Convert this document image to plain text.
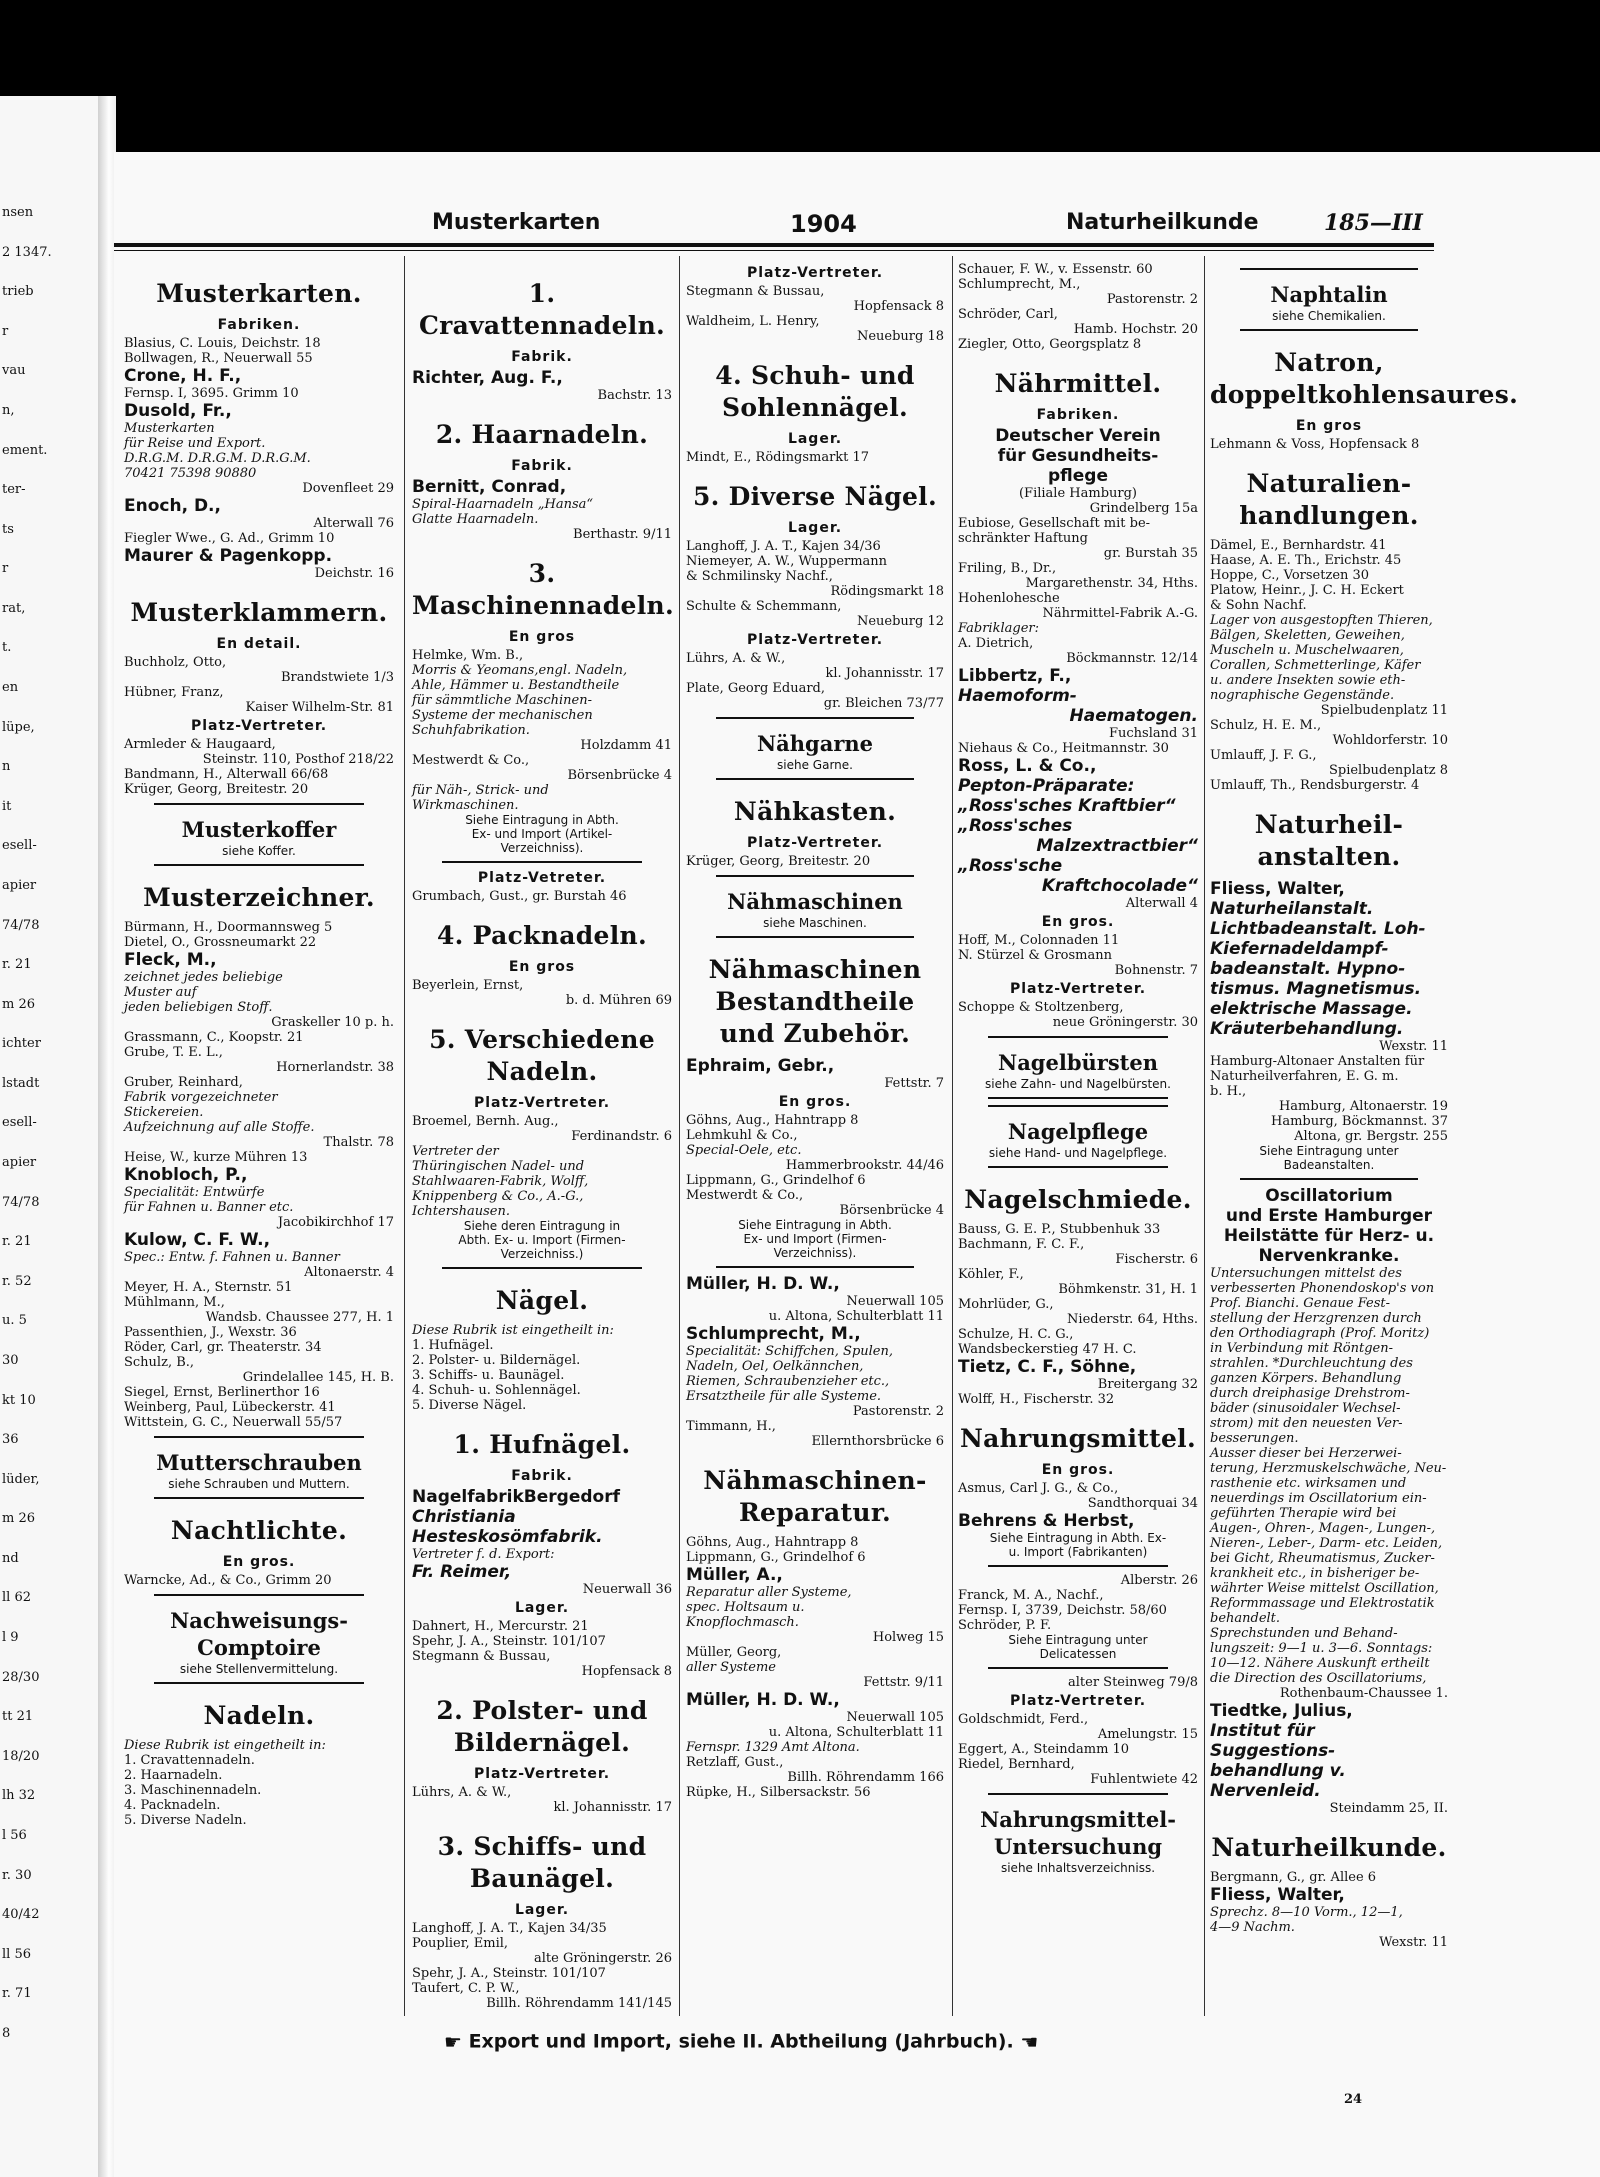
nsen
2 1347.
trieb
r
vau
n,
ement.
ter-
ts
r
rat,
t.
en
lüpe,
n
it
esell-
apier
74/78
r. 21
m 26
ichter
lstadt
esell-
apier
74/78
r. 21
r. 52
u. 5
30
kt 10
36
lüder,
m 26
nd
ll 62
l 9
28/30
tt 21
18/20
lh 32
l 56
r. 30
40/42
ll 56
r. 71
8
Musterkarten	1904	Naturheilkunde	185—III
Musterkarten.
Fabriken.
Blasius, C. Louis, Deichstr. 18
Bollwagen, R., Neuerwall 55
Crone, H. F.,
Fernsp. I, 3695. Grimm 10
Dusold, Fr.,
Musterkarten
für Reise und Export.
D.R.G.M. D.R.G.M. D.R.G.M.
70421 75398 90880
Dovenfleet 29
Enoch, D.,
Alterwall 76
Fiegler Wwe., G. Ad., Grimm 10
Maurer & Pagenkopp.
Deichstr. 16
Musterklammern.
En detail.
Buchholz, Otto,
Brandstwiete 1/3
Hübner, Franz,
Kaiser Wilhelm-Str. 81
Platz-Vertreter.
Armleder & Haugaard,
Steinstr. 110, Posthof 218/22
Bandmann, H., Alterwall 66/68
Krüger, Georg, Breitestr. 20
Musterkoffer
siehe Koffer.
Musterzeichner.
Bürmann, H., Doormannsweg 5
Dietel, O., Grossneumarkt 22
Fleck, M.,
zeichnet jedes beliebige
Muster auf
jeden beliebigen Stoff.
Graskeller 10 p. h.
Grassmann, C., Koopstr. 21
Grube, T. E. L.,
Hornerlandstr. 38
Gruber, Reinhard,
Fabrik vorgezeichneter
Stickereien.
Aufzeichnung auf alle Stoffe.
Thalstr. 78
Heise, W., kurze Mühren 13
Knobloch, P.,
Specialität: Entwürfe
für Fahnen u. Banner etc.
Jacobikirchhof 17
Kulow, C. F. W.,
Spec.: Entw. f. Fahnen u. Banner
Altonaerstr. 4
Meyer, H. A., Sternstr. 51
Mühlmann, M.,
Wandsb. Chaussee 277, H. 1
Passenthien, J., Wexstr. 36
Röder, Carl, gr. Theaterstr. 34
Schulz, B.,
Grindelallee 145, H. B.
Siegel, Ernst, Berlinerthor 16
Weinberg, Paul, Lübeckerstr. 41
Wittstein, G. C., Neuerwall 55/57
Mutterschrauben
siehe Schrauben und Muttern.
Nachtlichte.
En gros.
Warncke, Ad., & Co., Grimm 20
Nachweisungs-
Comptoire
siehe Stellenvermittelung.
Nadeln.
Diese Rubrik ist eingetheilt in:
1. Cravattennadeln.
2. Haarnadeln.
3. Maschinennadeln.
4. Packnadeln.
5. Diverse Nadeln.
1. Cravattennadeln.
Fabrik.
Richter, Aug. F.,
Bachstr. 13
2. Haarnadeln.
Fabrik.
Bernitt, Conrad,
Spiral-Haarnadeln „Hansa“
Glatte Haarnadeln.
Berthastr. 9/11
3. Maschinennadeln.
En gros
Helmke, Wm. B.,
Morris & Yeomans,engl. Nadeln,
Ahle, Hämmer u. Bestandtheile
für sämmtliche Maschinen-
Systeme der mechanischen
Schuhfabrikation.
Holzdamm 41
Mestwerdt & Co.,
Börsenbrücke 4
für Näh-, Strick- und
Wirkmaschinen.
Siehe Eintragung in Abth.
Ex- und Import (Artikel-
Verzeichniss).
Platz-Vetreter.
Grumbach, Gust., gr. Burstah 46
4. Packnadeln.
En gros
Beyerlein, Ernst,
b. d. Mühren 69
5. Verschiedene Nadeln.
Platz-Vertreter.
Broemel, Bernh. Aug.,
Ferdinandstr. 6
Vertreter der
Thüringischen Nadel- und
Stahlwaaren-Fabrik, Wolff,
Knippenberg & Co., A.-G.,
Ichtershausen.
Siehe deren Eintragung in
Abth. Ex- u. Import (Firmen-
Verzeichniss.)
Nägel.
Diese Rubrik ist eingetheilt in:
1. Hufnägel.
2. Polster- u. Bildernägel.
3. Schiffs- u. Baunägel.
4. Schuh- u. Sohlennägel.
5. Diverse Nägel.
1. Hufnägel.
Fabrik.
NagelfabrikBergedorf
Christiania
Hesteskosömfabrik.
Vertreter f. d. Export:
Fr. Reimer,
Neuerwall 36
Lager.
Dahnert, H., Mercurstr. 21
Spehr, J. A., Steinstr. 101/107
Stegmann & Bussau,
Hopfensack 8
2. Polster- und Bildernägel.
Platz-Vertreter.
Lührs, A. & W.,
kl. Johannisstr. 17
3. Schiffs- und Baunägel.
Lager.
Langhoff, J. A. T., Kajen 34/35
Pouplier, Emil,
alte Gröningerstr. 26
Spehr, J. A., Steinstr. 101/107
Taufert, C. P. W.,
Billh. Röhrendamm 141/145
Platz-Vertreter.
Stegmann & Bussau,
Hopfensack 8
Waldheim, L. Henry,
Neueburg 18
4. Schuh- und Sohlennägel.
Lager.
Mindt, E., Rödingsmarkt 17
5. Diverse Nägel.
Lager.
Langhoff, J. A. T., Kajen 34/36
Niemeyer, A. W., Wuppermann
& Schmilinsky Nachf.,
Rödingsmarkt 18
Schulte & Schemmann,
Neueburg 12
Platz-Vertreter.
Lührs, A. & W.,
kl. Johannisstr. 17
Plate, Georg Eduard,
gr. Bleichen 73/77
Nähgarne
siehe Garne.
Nähkasten.
Platz-Vertreter.
Krüger, Georg, Breitestr. 20
Nähmaschinen
siehe Maschinen.
Nähmaschinen Bestandtheile und Zubehör.
Ephraim, Gebr.,
Fettstr. 7
En gros.
Göhns, Aug., Hahntrapp 8
Lehmkuhl & Co.,
Special-Oele, etc.
Hammerbrookstr. 44/46
Lippmann, G., Grindelhof 6
Mestwerdt & Co.,
Börsenbrücke 4
Siehe Eintragung in Abth.
Ex- und Import (Firmen-
Verzeichniss).
Müller, H. D. W.,
Neuerwall 105
u. Altona, Schulterblatt 11
Schlumprecht, M.,
Specialität: Schiffchen, Spulen,
Nadeln, Oel, Oelkännchen,
Riemen, Schraubenzieher etc.,
Ersatztheile für alle Systeme.
Pastorenstr. 2
Timmann, H.,
Ellernthorsbrücke 6
Nähmaschinen- Reparatur.
Göhns, Aug., Hahntrapp 8
Lippmann, G., Grindelhof 6
Müller, A.,
Reparatur aller Systeme,
spec. Holtsaum u.
Knopflochmasch.
Holweg 15
Müller, Georg,
aller Systeme
Fettstr. 9/11
Müller, H. D. W.,
Neuerwall 105
u. Altona, Schulterblatt 11
Fernspr. 1329 Amt Altona.
Retzlaff, Gust.,
Billh. Röhrendamm 166
Rüpke, H., Silbersackstr. 56
Schauer, F. W., v. Essenstr. 60
Schlumprecht, M.,
Pastorenstr. 2
Schröder, Carl,
Hamb. Hochstr. 20
Ziegler, Otto, Georgsplatz 8
Nährmittel.
Fabriken.
Deutscher Verein
für Gesundheits-
pflege
(Filiale Hamburg)
Grindelberg 15a
Eubiose, Gesellschaft mit be-
schränkter Haftung
gr. Burstah 35
Friling, B., Dr.,
Margarethenstr. 34, Hths.
Hohenlohesche
Nährmittel-Fabrik A.-G.
Fabriklager:
A. Dietrich,
Böckmannstr. 12/14
Libbertz, F.,
Haemoform-
Haematogen.
Fuchsland 31
Niehaus & Co., Heitmannstr. 30
Ross, L. & Co.,
Pepton-Präparate:
„Ross'sches Kraftbier“
„Ross'sches
Malzextractbier“
„Ross'sche
Kraftchocolade“
Alterwall 4
En gros.
Hoff, M., Colonnaden 11
N. Stürzel & Grosmann
Bohnenstr. 7
Platz-Vertreter.
Schoppe & Stoltzenberg,
neue Gröningerstr. 30
Nagelbürsten
siehe Zahn- und Nagelbürsten.
Nagelpflege
siehe Hand- und Nagelpflege.
Nagelschmiede.
Bauss, G. E. P., Stubbenhuk 33
Bachmann, F. C. F.,
Fischerstr. 6
Köhler, F.,
Böhmkenstr. 31, H. 1
Mohrlüder, G.,
Niederstr. 64, Hths.
Schulze, H. C. G.,
Wandsbeckerstieg 47 H. C.
Tietz, C. F., Söhne,
Breitergang 32
Wolff, H., Fischerstr. 32
Nahrungsmittel.
En gros.
Asmus, Carl J. G., & Co.,
Sandthorquai 34
Behrens & Herbst,
Siehe Eintragung in Abth. Ex-
u. Import (Fabrikanten)
Alberstr. 26
Franck, M. A., Nachf.,
Fernsp. I, 3739, Deichstr. 58/60
Schröder, P. F.
Siehe Eintragung unter
Delicatessen
alter Steinweg 79/8
Platz-Vertreter.
Goldschmidt, Ferd.,
Amelungstr. 15
Eggert, A., Steindamm 10
Riedel, Bernhard,
Fuhlentwiete 42
Nahrungsmittel-
Untersuchung
siehe Inhaltsverzeichniss.
Naphtalin
siehe Chemikalien.
Natron, doppeltkohlensaures.
En gros
Lehmann & Voss, Hopfensack 8
Naturalien- handlungen.
Dämel, E., Bernhardstr. 41
Haase, A. E. Th., Erichstr. 45
Hoppe, C., Vorsetzen 30
Platow, Heinr., J. C. H. Eckert
& Sohn Nachf.
Lager von ausgestopften Thieren,
Bälgen, Skeletten, Geweihen,
Muscheln u. Muschelwaaren,
Corallen, Schmetterlinge, Käfer
u. andere Insekten sowie eth-
nographische Gegenstände.
Spielbudenplatz 11
Schulz, H. E. M.,
Wohldorferstr. 10
Umlauff, J. F. G.,
Spielbudenplatz 8
Umlauff, Th., Rendsburgerstr. 4
Naturheil- anstalten.
Fliess, Walter,
Naturheilanstalt.
Lichtbadeanstalt. Loh-
Kiefernadeldampf-
badeanstalt. Hypno-
tismus. Magnetismus.
elektrische Massage.
Kräuterbehandlung.
Wexstr. 11
Hamburg-Altonaer Anstalten für
Naturheilverfahren, E. G. m.
b. H.,
Hamburg, Altonaerstr. 19
Hamburg, Böckmannst. 37
Altona, gr. Bergstr. 255
Siehe Eintragung unter
Badeanstalten.
Oscillatorium
und Erste Hamburger
Heilstätte für Herz- u.
Nervenkranke.
Untersuchungen mittelst des
verbesserten Phonendoskop's von
Prof. Bianchi. Genaue Fest-
stellung der Herzgrenzen durch
den Orthodiagraph (Prof. Moritz)
in Verbindung mit Röntgen-
strahlen. *Durchleuchtung des
ganzen Körpers. Behandlung
durch dreiphasige Drehstrom-
bäder (sinusoidaler Wechsel-
strom) mit den neuesten Ver-
besserungen.
Ausser dieser bei Herzerwei-
terung, Herzmuskelschwäche, Neu-
rasthenie etc. wirksamen und
neuerdings im Oscillatorium ein-
geführten Therapie wird bei
Augen-, Ohren-, Magen-, Lungen-,
Nieren-, Leber-, Darm- etc. Leiden,
bei Gicht, Rheumatismus, Zucker-
krankheit etc., in bisheriger be-
währter Weise mittelst Oscillation,
Reformmassage und Elektrostatik
behandelt.
Sprechstunden und Behand-
lungszeit: 9—1 u. 3—6. Sonntags:
10—12. Nähere Auskunft ertheilt
die Direction des Oscillatoriums,
Rothenbaum-Chaussee 1.
Tiedtke, Julius,
Institut für
Suggestions-
behandlung v.
Nervenleid.
Steindamm 25, II.
Naturheilkunde.
Bergmann, G., gr. Allee 6
Fliess, Walter,
Sprechz. 8—10 Vorm., 12—1,
4—9 Nachm.
Wexstr. 11
☛ Export und Import, siehe II. Abtheilung (Jahrbuch). ☚
24
